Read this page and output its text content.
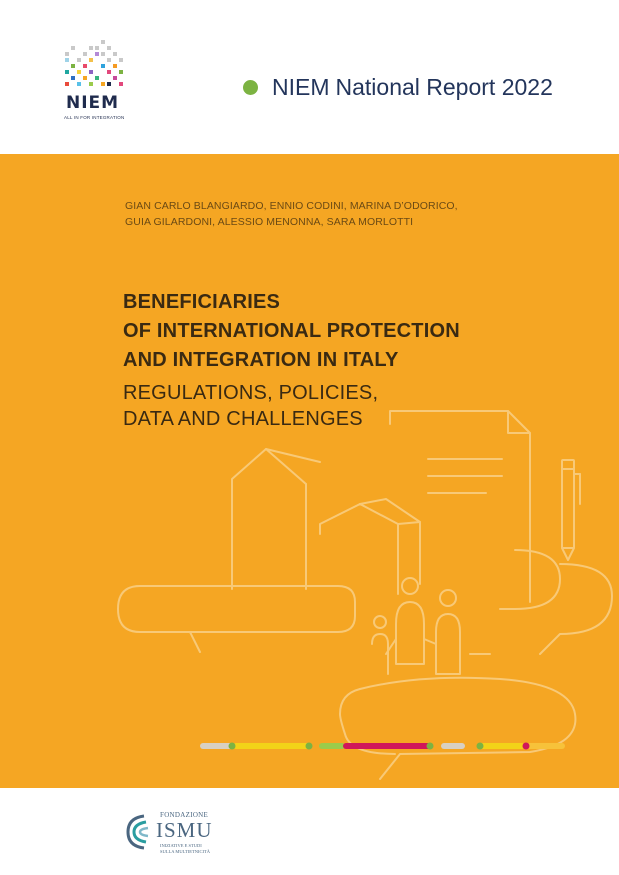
NIEM
ALL IN FOR INTEGRATION
NIEM National Report 2022
GIAN CARLO BLANGIARDO, ENNIO CODINI, MARINA D’ODORICO,
GUIA GILARDONI, ALESSIO MENONNA, SARA MORLOTTI
BENEFICIARIES
OF INTERNATIONAL PROTECTION
AND INTEGRATION IN ITALY
REGULATIONS, POLICIES,
DATA AND CHALLENGES
FONDAZIONE
ISMU
INIZIATIVE E STUDI
SULLA MULTIETNICITÀ
